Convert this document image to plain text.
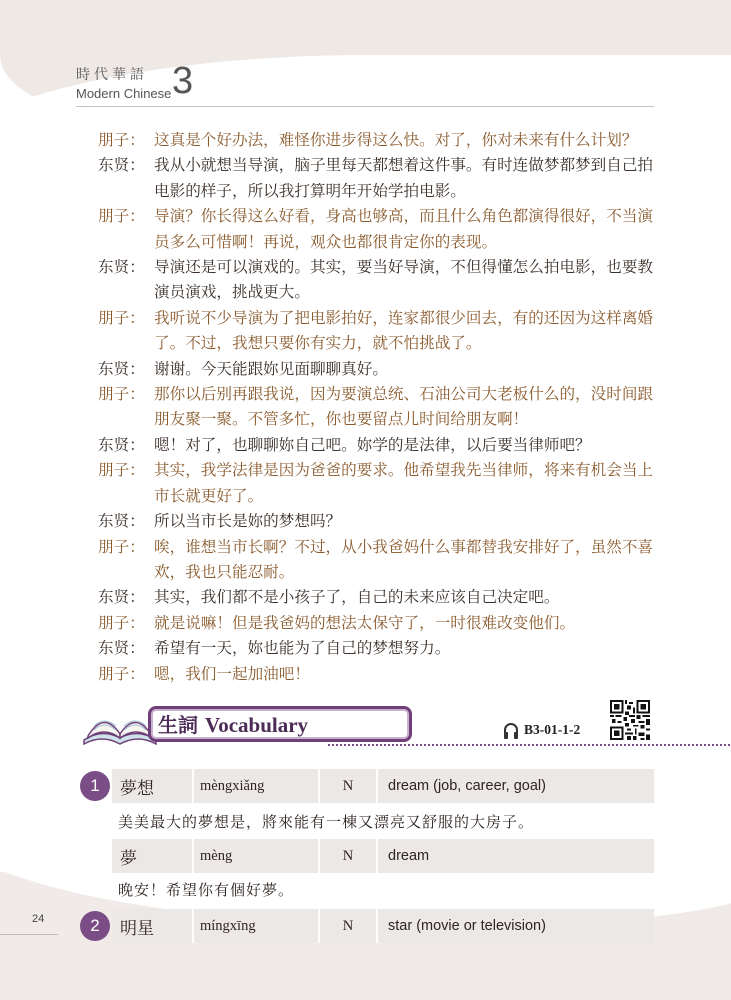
時代華語
Modern Chinese 3
朋子： 这真是个好办法，难怪你进步得这么快。对了，你对未来有什么计划？
东贤： 我从小就想当导演，脑子里每天都想着这件事。有时连做梦都梦到自己拍电影的样子，所以我打算明年开始学拍电影。
朋子： 导演？你长得这么好看，身高也够高，而且什么角色都演得很好，不当演员多么可惜啊！再说，观众也都很肯定你的表现。
东贤： 导演还是可以演戏的。其实，要当好导演，不但得懂怎么拍电影，也要教演员演戏，挑战更大。
朋子： 我听说不少导演为了把电影拍好，连家都很少回去，有的还因为这样离婚了。不过，我想只要你有实力，就不怕挑战了。
东贤： 谢谢。今天能跟妳见面聊聊真好。
朋子： 那你以后别再跟我说，因为要演总统、石油公司大老板什么的，没时间跟朋友聚一聚。不管多忙，你也要留点儿时间给朋友啊！
东贤： 嗯！对了，也聊聊妳自己吧。妳学的是法律，以后要当律师吧？
朋子： 其实，我学法律是因为爸爸的要求。他希望我先当律师，将来有机会当上市长就更好了。
东贤： 所以当市长是妳的梦想吗？
朋子： 唉，谁想当市长啊？不过，从小我爸妈什么事都替我安排好了，虽然不喜欢，我也只能忍耐。
东贤： 其实，我们都不是小孩子了，自己的未来应该自己决定吧。
朋子： 就是说嘛！但是我爸妈的想法太保守了，一时很难改变他们。
东贤： 希望有一天，妳也能为了自己的梦想努力。
朋子： 嗯，我们一起加油吧！
生詞 Vocabulary	B3-01-1-2
1	夢想	mèngxiǎng	N	dream (job, career, goal)
美美最大的夢想是，將來能有一棟又漂亮又舒服的大房子。
夢	mèng	N	dream
晚安！希望你有個好夢。
2	明星	míngxīng	N	star (movie or television)
24
